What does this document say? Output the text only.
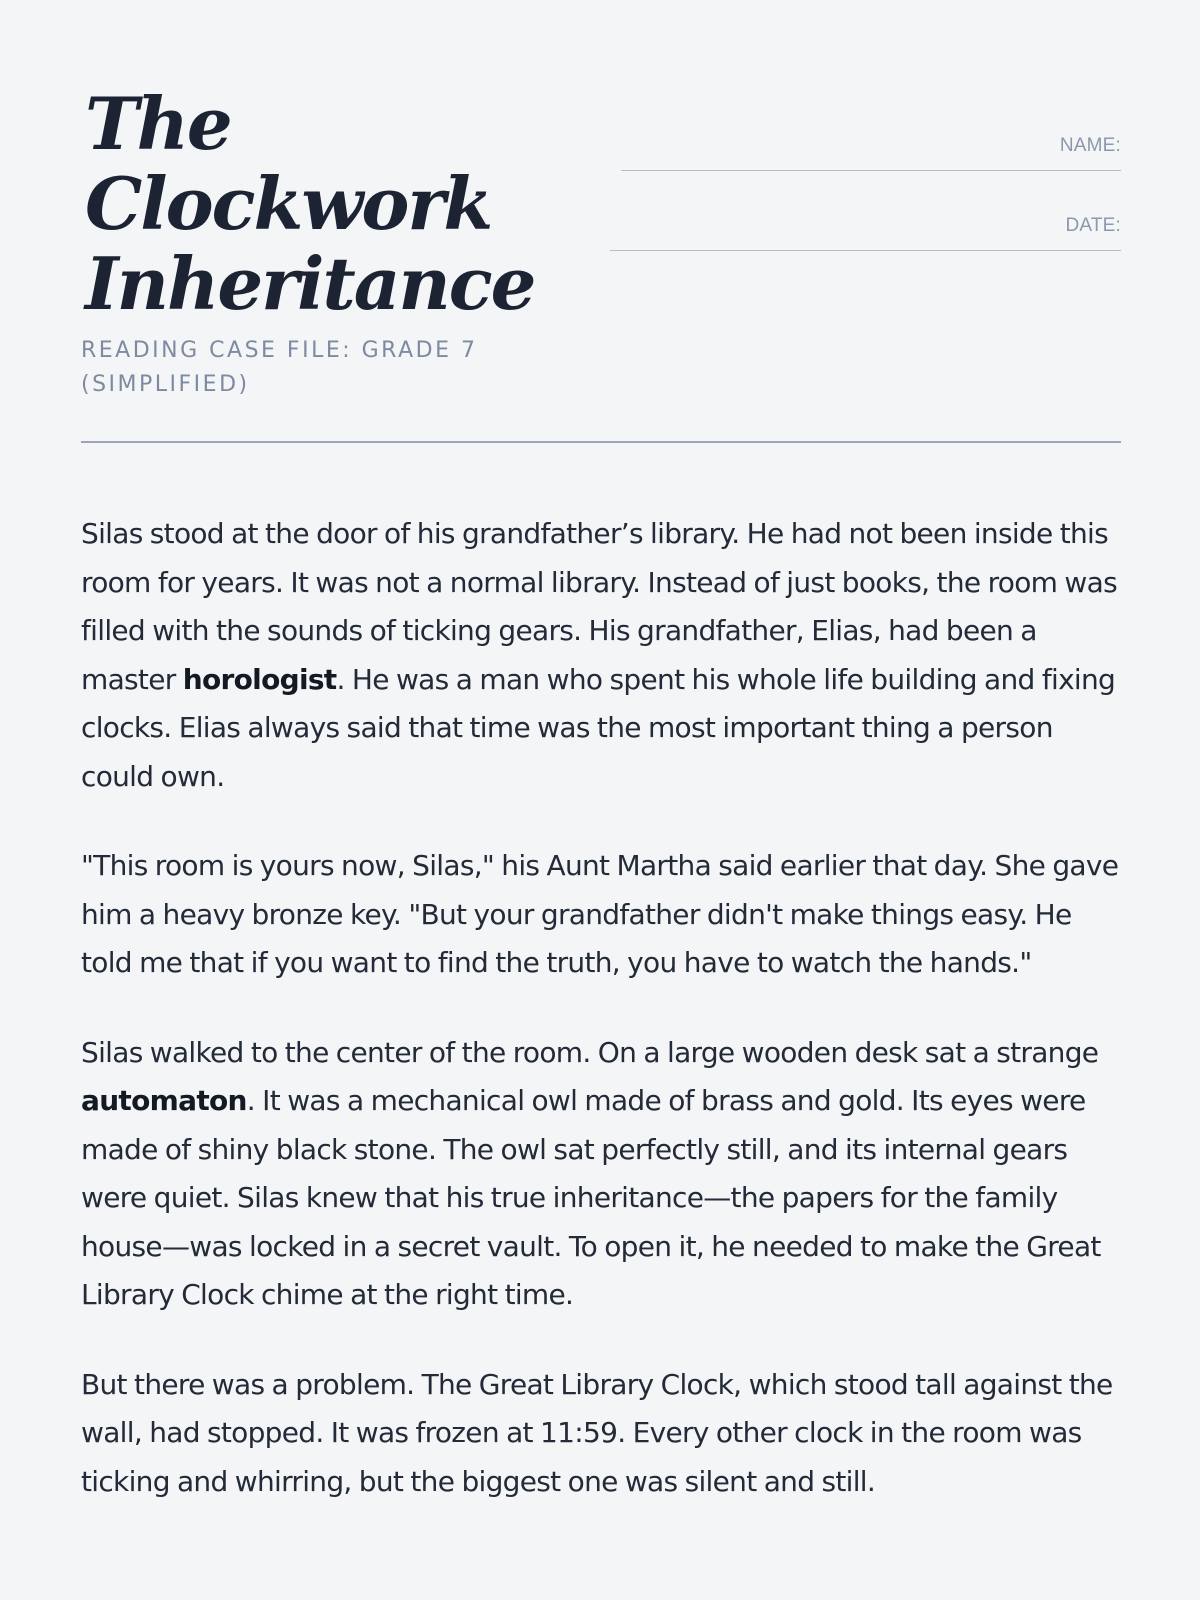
The
Clockwork
Inheritance

READING CASE FILE: GRADE 7 (SIMPLIFIED)

NAME:
DATE:

Silas stood at the door of his grandfather’s library. He had not been inside this room for years. It was not a normal library. Instead of just books, the room was filled with the sounds of ticking gears. His grandfather, Elias, had been a master horologist. He was a man who spent his whole life building and fixing clocks. Elias always said that time was the most important thing a person could own.

"This room is yours now, Silas," his Aunt Martha said earlier that day. She gave him a heavy bronze key. "But your grandfather didn't make things easy. He told me that if you want to find the truth, you have to watch the hands."

Silas walked to the center of the room. On a large wooden desk sat a strange automaton. It was a mechanical owl made of brass and gold. Its eyes were made of shiny black stone. The owl sat perfectly still, and its internal gears were quiet. Silas knew that his true inheritance—the papers for the family house—was locked in a secret vault. To open it, he needed to make the Great Library Clock chime at the right time.

But there was a problem. The Great Library Clock, which stood tall against the wall, had stopped. It was frozen at 11:59. Every other clock in the room was ticking and whirring, but the biggest one was silent and still.
